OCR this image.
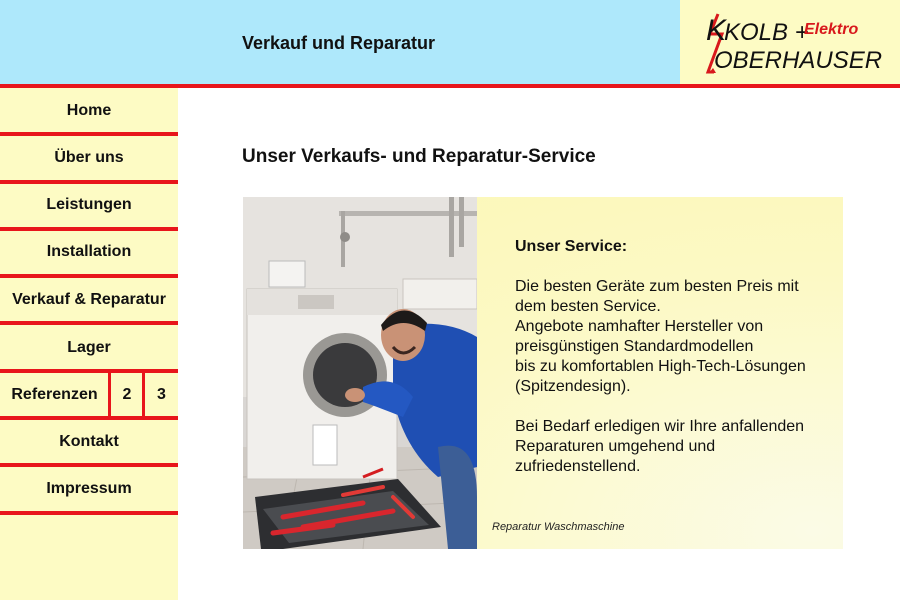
Verkauf und Reparatur	K
KOLB +
Elektro
OBERHAUSER
Home
Über uns
Leistungen
Installation
Verkauf & Reparatur
Lager
Referenzen	2	3
Kontakt
Impressum
Unser Verkaufs- und Reparatur-Service

Unser Service:

Die besten Geräte zum besten Preis mit

dem besten Service.

Angebote namhafter Hersteller von

preisgünstigen Standardmodellen

bis zu komfortablen High-Tech-Lösungen

(Spitzendesign).

Bei Bedarf erledigen wir Ihre anfallenden

Reparaturen umgehend und

zufriedenstellend.

Reparatur Waschmaschine
